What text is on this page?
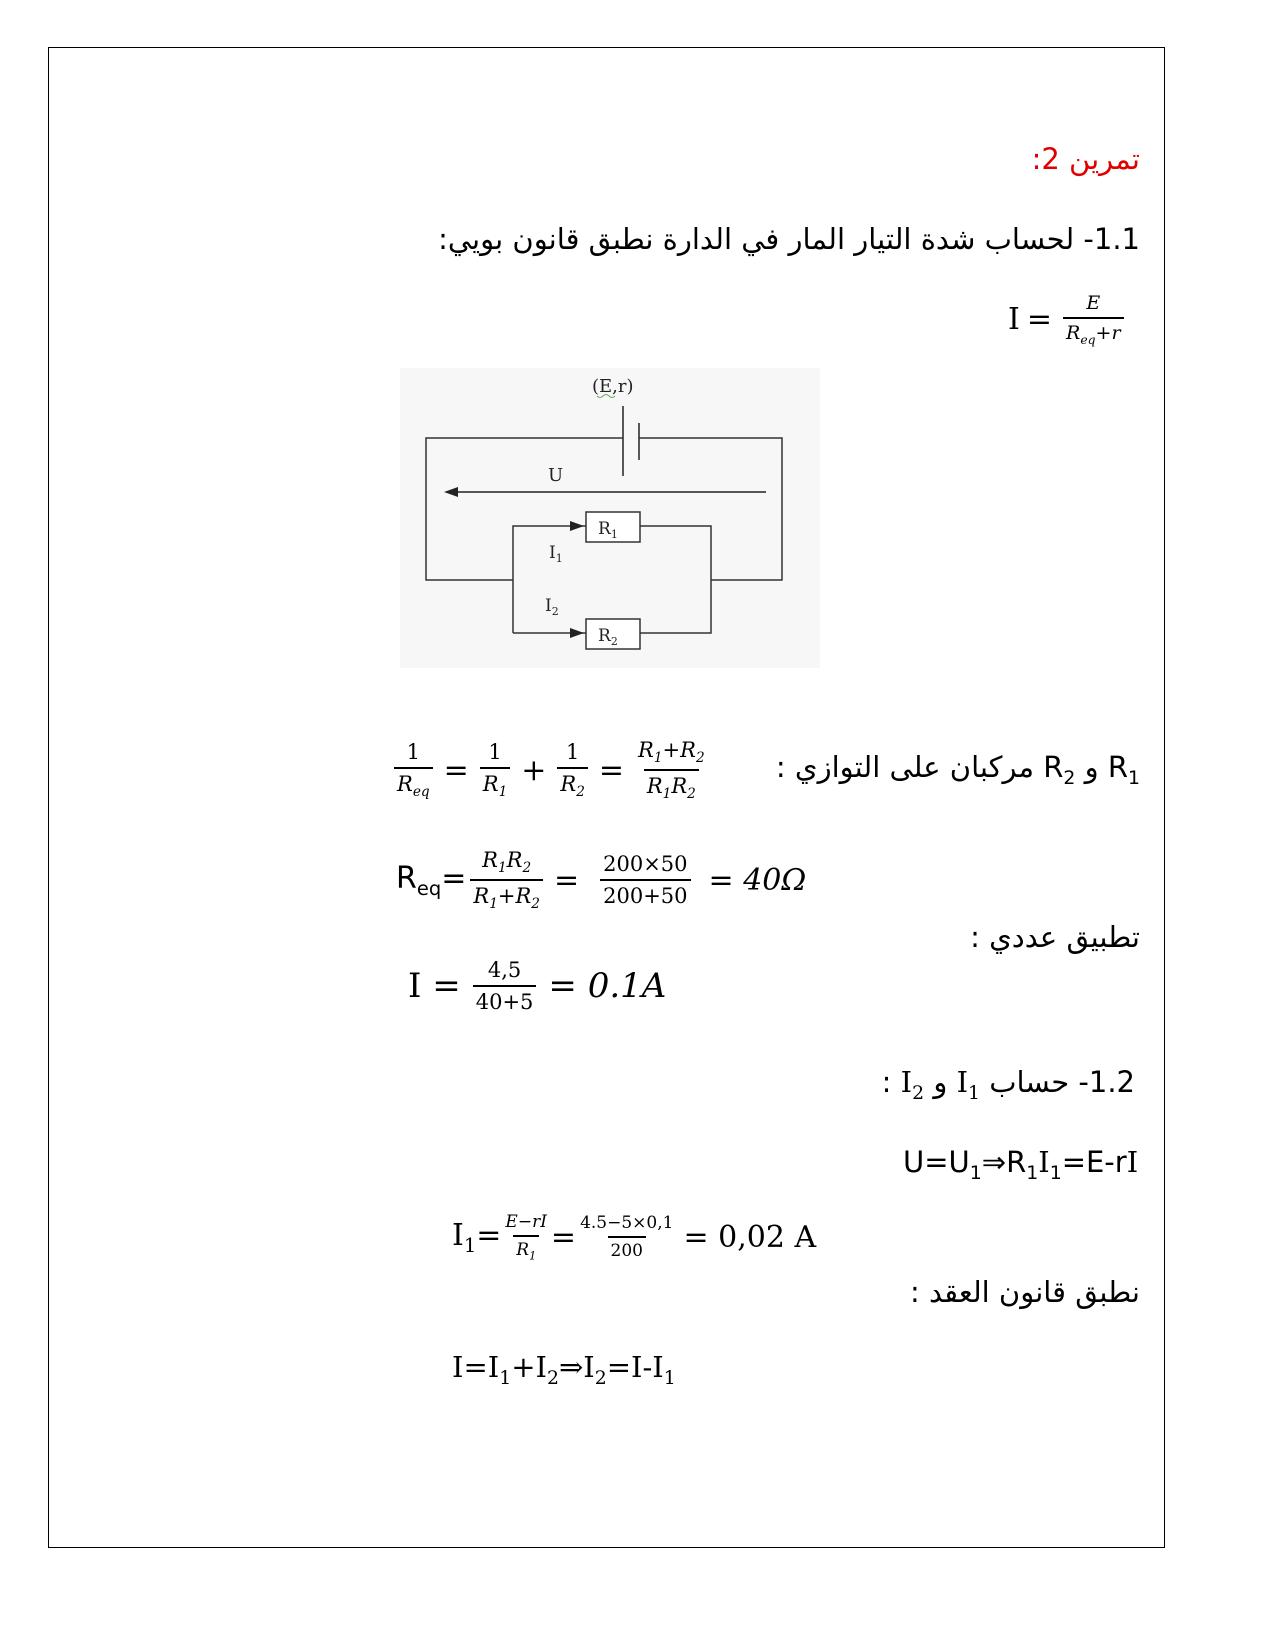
تمرين 2:
1.1- لحساب شدة التيار المار في الدارة نطبق قانون بويي:
$I = \frac{E}{R_{eq}+r}$
(E,r)
U
$R_1$
$R_2$
$I_1$
$I_2$
$R_1$ و $R_2$ مركبان على التوازي :
$\frac{1}{R_{eq}} = \frac{1}{R_1} + \frac{1}{R_2} = \frac{R_1+R_2}{R_1R_2}$
$R_{eq}= \frac{R_1R_2}{R_1+R_2} = \frac{200\times 50}{200+50} = 40\Omega$
تطبيق عددي :
$I = \frac{4,5}{40+5} = 0.1A$
1.2- حساب $I_1$ و $I_2$ :
$U=U_1\Rightarrow R_1I_1=E-rI$
$I_1= \frac{E-rI}{R_1} = \frac{4.5-5\times 0,1}{200} = 0,02$ A
نطبق قانون العقد :
$I=I_1+I_2\Rightarrow I_2=I-I_1$
